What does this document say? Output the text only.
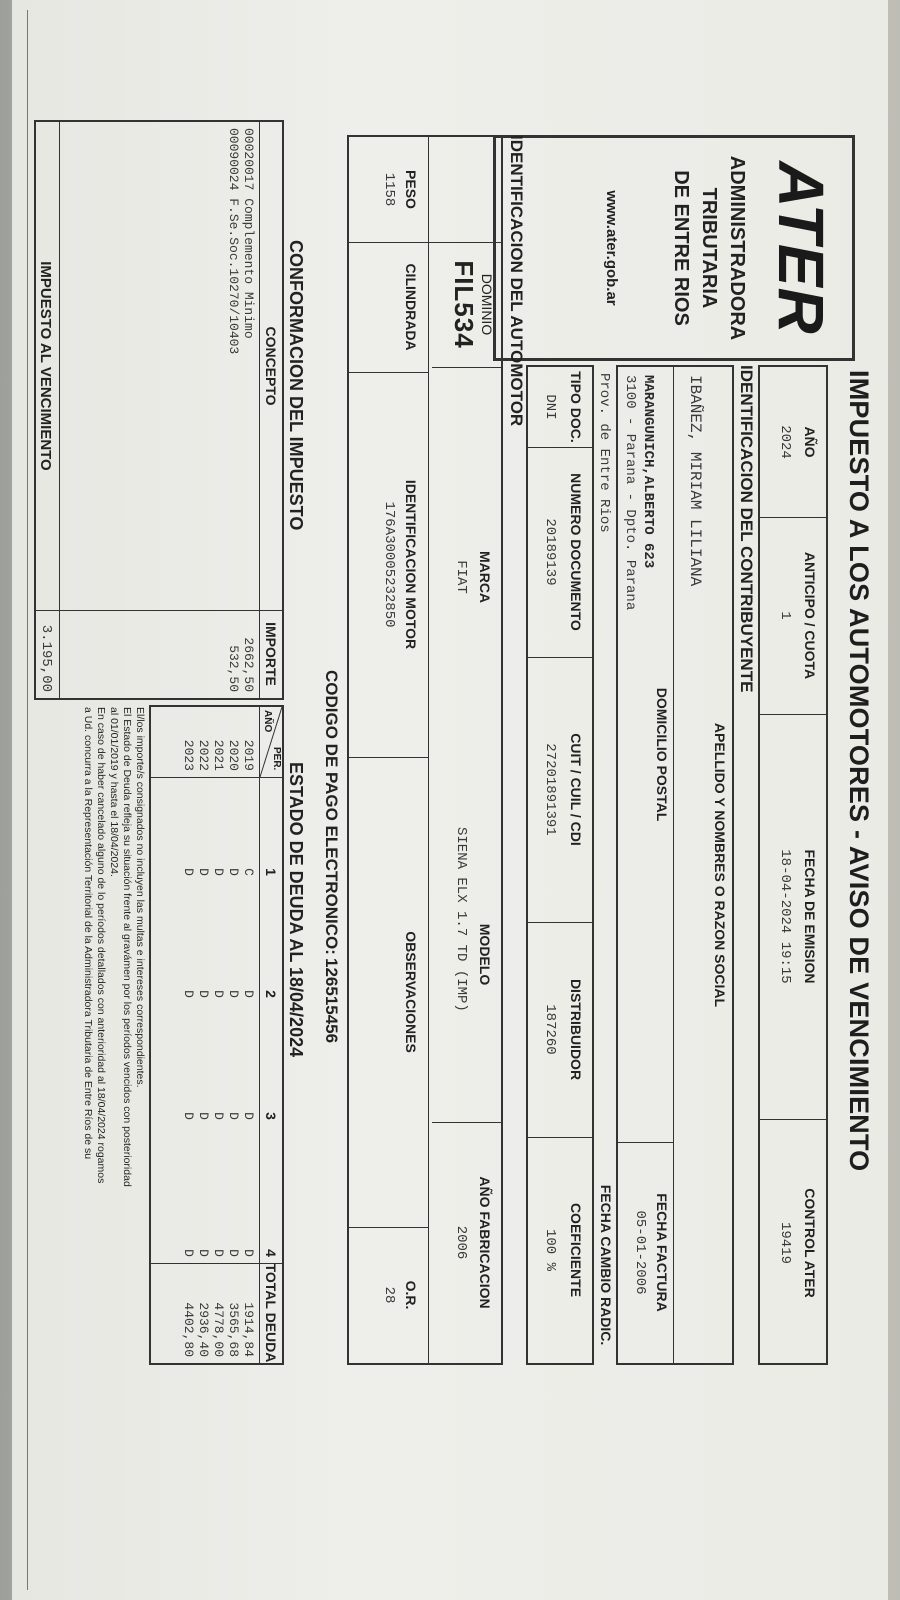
IMPUESTO A LOS AUTOMOTORES - AVISO DE VENCIMIENTO
ATER
ADMINISTRADORA
TRIBUTARIA
DE ENTRE RIOS
www.ater.gob.ar
AÑO
2024
ANTICIPO / CUOTA
1
FECHA DE EMISION
18-04-2024 19:15
CONTROL ATER
19419
IDENTIFICACION DEL CONTRIBUYENTE
APELLIDO Y NOMBRES O RAZON SOCIAL
IBAÑEZ, MIRIAM LILIANA
DOMICILIO POSTAL
MARANGUNICH,ALBERTO 623
3100 - Parana - Dpto. Parana
FECHA FACTURA
05-01-2006
Prov. de Entre Rios
FECHA CAMBIO RADIC.
TIPO DOC.
DNI
NUMERO DOCUMENTO
20189139
CUIT / CUIL / CDI
27201891391
DISTRIBUIDOR
187260
COEFICIENTE
100 %
IDENTIFICACION DEL AUTOMOTOR
DOMINIO
FIL534
MARCA
FIAT
MODELO
SIENA ELX 1.7 TD (IMP)
AÑO FABRICACION
2006
PESO
1158
CILINDRADA
IDENTIFICACION MOTOR
176A30005232850
OBSERVACIONES
O.R.
28
CODIGO DE PAGO ELECTRONICO:
126515456
CONFORMACION DEL IMPUESTO
CONCEPTO
IMPORTE
00020017 Complemento Minimo
2662,50
00090024 F.Se.Soc.10270/10403
532,50
IMPUESTO AL VENCIMIENTO
3.195,00
ESTADO DE DEUDA AL 18/04/2024
PER.
AÑO
1
2
3
4
TOTAL DEUDA
2019
C
D
D
D
1914,84
2020
D
D
D
D
3565,68
2021
D
D
D
D
4778,00
2022
D
D
D
D
2936,40
2023
D
D
D
D
4402,80
El/los importe/s consignados no incluyen las multas e intereses correspondientes.
El Estado de Deuda refleja su situación frente al gravámen por los períodos vencidos con posterioridad
al 01/01/2019 y hasta el 18/04/2024.
En caso de haber cancelado alguno de lo períodos detallados con anterioridad al 18/04/2024 rogamos
a Ud. concurra a la Representación Territorial de la Administradora Tributaria de Entre Ríos de su
